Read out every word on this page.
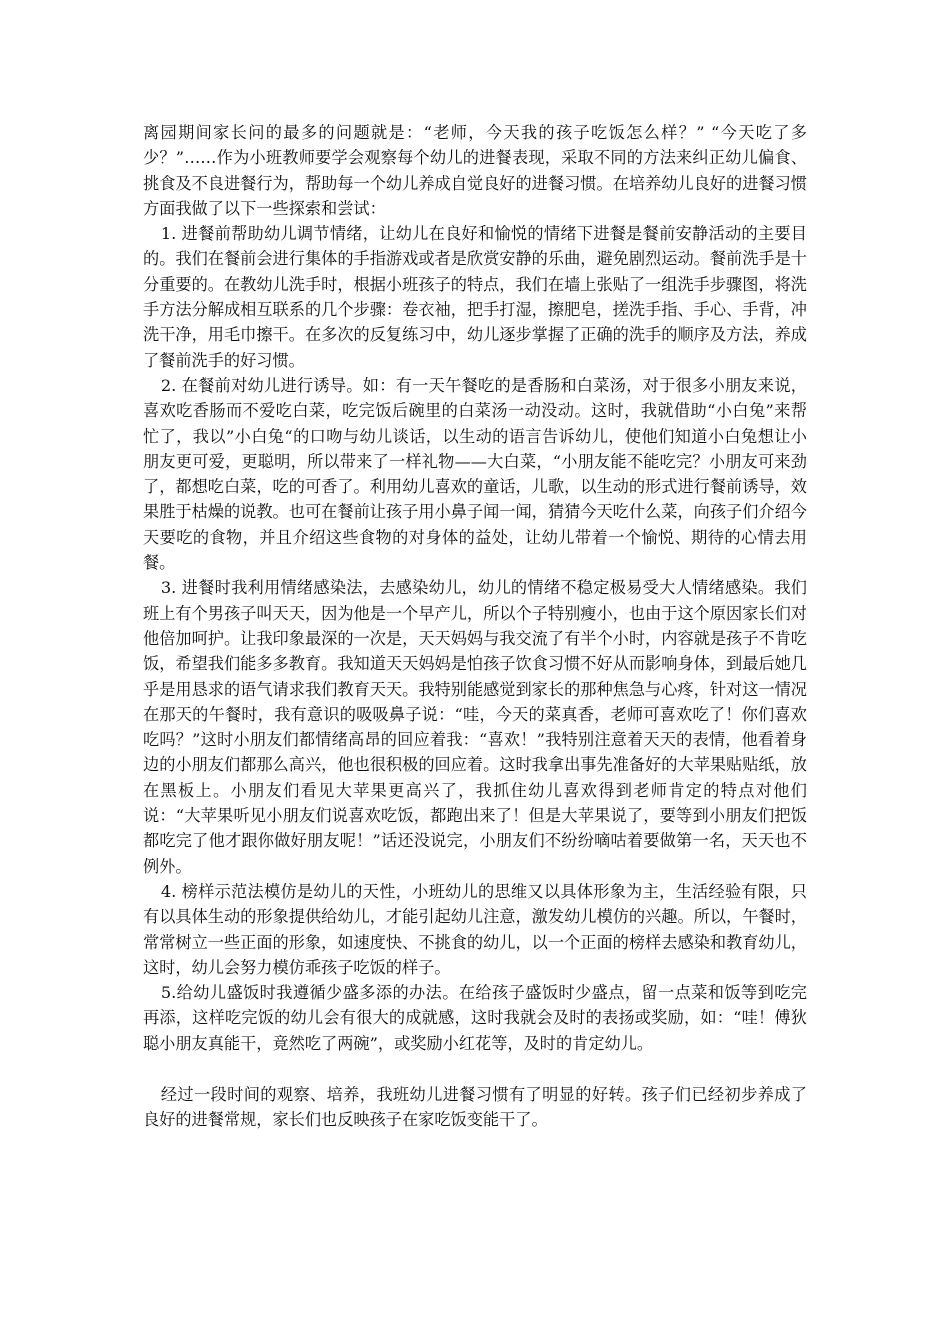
离园期间家长问的最多的问题就是：“老师，今天我的孩子吃饭怎么样？” “今天吃了多少？”……作为小班教师要学会观察每个幼儿的进餐表现，采取不同的方法来纠正幼儿偏食、挑食及不良进餐行为，帮助每一个幼儿养成自觉良好的进餐习惯。在培养幼儿良好的进餐习惯方面我做了以下一些探索和尝试：

1. 进餐前帮助幼儿调节情绪，让幼儿在良好和愉悦的情绪下进餐是餐前安静活动的主要目的。我们在餐前会进行集体的手指游戏或者是欣赏安静的乐曲，避免剧烈运动。餐前洗手是十分重要的。在教幼儿洗手时，根据小班孩子的特点，我们在墙上张贴了一组洗手步骤图，将洗手方法分解成相互联系的几个步骤：卷衣袖，把手打湿，擦肥皂，搓洗手指、手心、手背，冲洗干净，用毛巾擦干。在多次的反复练习中，幼儿逐步掌握了正确的洗手的顺序及方法，养成了餐前洗手的好习惯。

2. 在餐前对幼儿进行诱导。如：有一天午餐吃的是香肠和白菜汤，对于很多小朋友来说，喜欢吃香肠而不爱吃白菜，吃完饭后碗里的白菜汤一动没动。这时，我就借助“小白兔”来帮忙了，我以”小白兔“的口吻与幼儿谈话，以生动的语言告诉幼儿，使他们知道小白兔想让小朋友更可爱，更聪明，所以带来了一样礼物——大白菜，“小朋友能不能吃完？小朋友可来劲了，都想吃白菜，吃的可香了。利用幼儿喜欢的童话，儿歌，以生动的形式进行餐前诱导，效果胜于枯燥的说教。也可在餐前让孩子用小鼻子闻一闻，猜猜今天吃什么菜，向孩子们介绍今天要吃的食物，并且介绍这些食物的对身体的益处，让幼儿带着一个愉悦、期待的心情去用餐。

3. 进餐时我利用情绪感染法，去感染幼儿，幼儿的情绪不稳定极易受大人情绪感染。我们班上有个男孩子叫天天，因为他是一个早产儿，所以个子特别瘦小，也由于这个原因家长们对他倍加呵护。让我印象最深的一次是，天天妈妈与我交流了有半个小时，内容就是孩子不肯吃饭，希望我们能多多教育。我知道天天妈妈是怕孩子饮食习惯不好从而影响身体，到最后她几乎是用恳求的语气请求我们教育天天。我特别能感觉到家长的那种焦急与心疼，针对这一情况在那天的午餐时，我有意识的吸吸鼻子说：“哇，今天的菜真香，老师可喜欢吃了！你们喜欢吃吗？”这时小朋友们都情绪高昂的回应着我：“喜欢！”我特别注意着天天的表情，他看着身边的小朋友们都那么高兴，他也很积极的回应着。这时我拿出事先准备好的大苹果贴贴纸，放在黑板上。小朋友们看见大苹果更高兴了，我抓住幼儿喜欢得到老师肯定的特点对他们说：“大苹果听见小朋友们说喜欢吃饭，都跑出来了！但是大苹果说了，要等到小朋友们把饭都吃完了他才跟你做好朋友呢！”话还没说完，小朋友们不纷纷嘀咕着要做第一名，天天也不例外。

4. 榜样示范法模仿是幼儿的天性，小班幼儿的思维又以具体形象为主，生活经验有限，只有以具体生动的形象提供给幼儿，才能引起幼儿注意，激发幼儿模仿的兴趣。所以，午餐时，常常树立一些正面的形象，如速度快、不挑食的幼儿，以一个正面的榜样去感染和教育幼儿，这时，幼儿会努力模仿乖孩子吃饭的样子。

5.给幼儿盛饭时我遵循少盛多添的办法。在给孩子盛饭时少盛点，留一点菜和饭等到吃完再添，这样吃完饭的幼儿会有很大的成就感，这时我就会及时的表扬或奖励，如：“哇！傅狄聪小朋友真能干，竟然吃了两碗”，或奖励小红花等，及时的肯定幼儿。

经过一段时间的观察、培养，我班幼儿进餐习惯有了明显的好转。孩子们已经初步养成了良好的进餐常规，家长们也反映孩子在家吃饭变能干了。
